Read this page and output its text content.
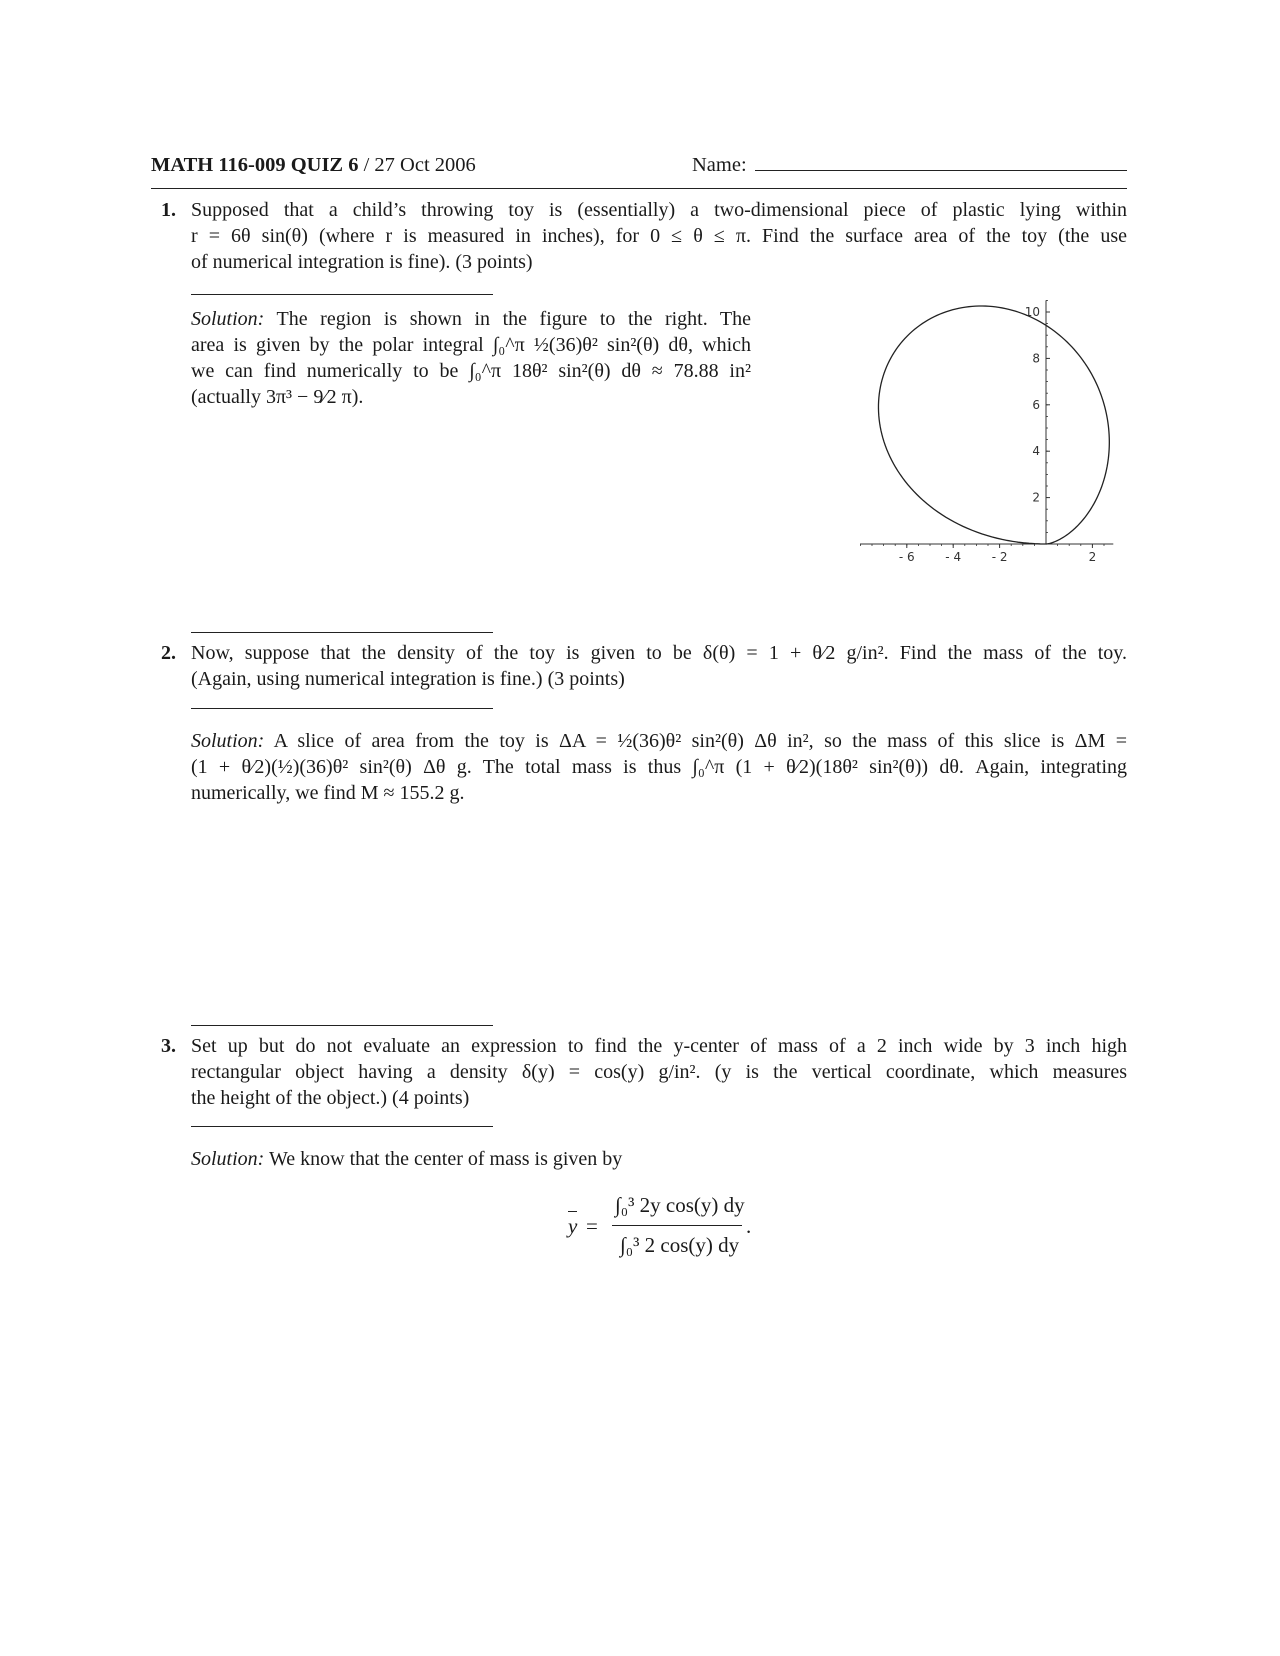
MATH 116-009 QUIZ 6 / 27 Oct 2006	Name:
1. Supposed that a child’s throwing toy is (essentially) a two-dimensional piece of plastic lying within

r = 6θ sin(θ) (where r is measured in inches), for 0 ≤ θ ≤ π. Find the surface area of the toy (the use

of numerical integration is fine). (3 points)

Solution: The region is shown in the figure to the right. The
area is given by the polar integral ∫₀^π ½(36)θ² sin²(θ) dθ, which
we can find numerically to be ∫₀^π 18θ² sin²(θ) dθ ≈ 78.88 in²
(actually 3π³ − 9⁄2 π).
- 6	- 4	- 2	2
2
4
6
8
10
2. Now, suppose that the density of the toy is given to be δ(θ) = 1 + θ⁄2 g/in². Find the mass of the toy.

(Again, using numerical integration is fine.) (3 points)

Solution: A slice of area from the toy is ΔA = ½(36)θ² sin²(θ) Δθ in², so the mass of this slice is ΔM =
(1 + θ⁄2)(½)(36)θ² sin²(θ) Δθ g. The total mass is thus ∫₀^π (1 + θ⁄2)(18θ² sin²(θ)) dθ. Again, integrating
numerically, we find M ≈ 155.2 g.
3. Set up but do not evaluate an expression to find the y-center of mass of a 2 inch wide by 3 inch high

rectangular object having a density δ(y) = cos(y) g/in². (y is the vertical coordinate, which measures

the height of the object.) (4 points)

Solution: We know that the center of mass is given by
y =
∫₀³ 2y cos(y) dy
∫₀³ 2 cos(y) dy
.
